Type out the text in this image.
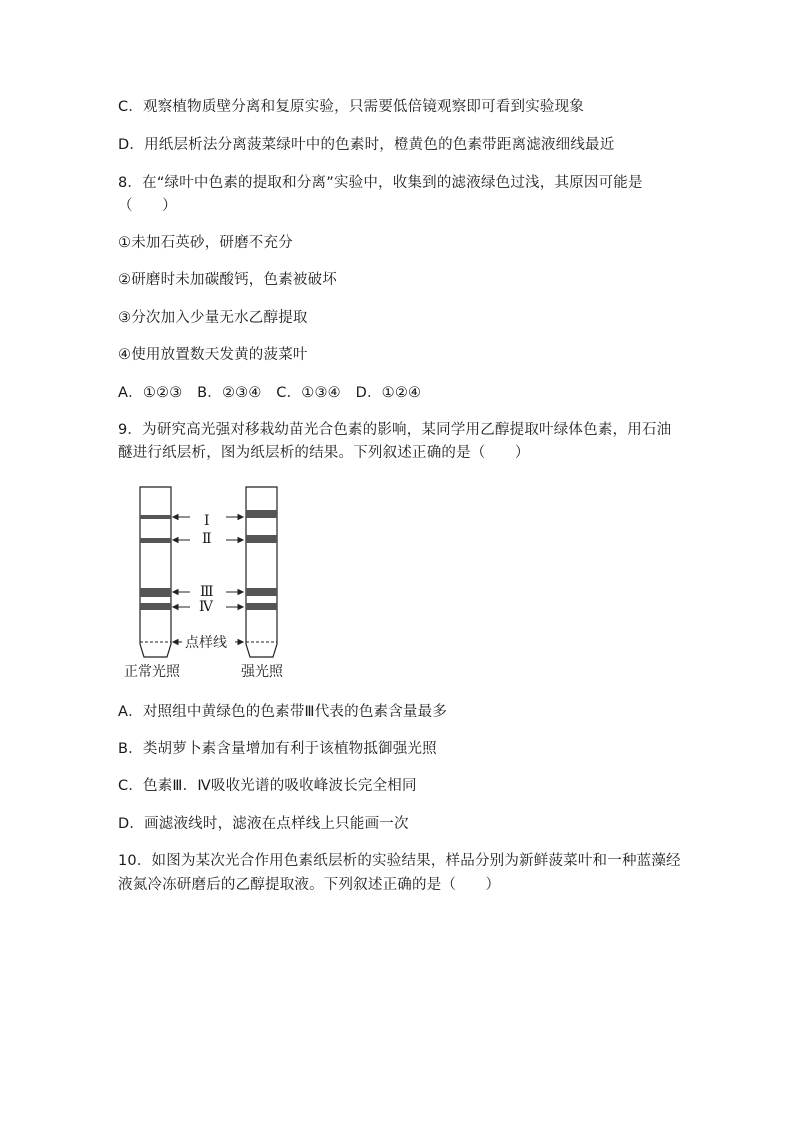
C．观察植物质壁分离和复原实验，只需要低倍镜观察即可看到实验现象
D．用纸层析法分离菠菜绿叶中的色素时，橙黄色的色素带距离滤液细线最近
8．在“绿叶中色素的提取和分离”实验中，收集到的滤液绿色过浅，其原因可能是
（　　）
①未加石英砂，研磨不充分
②研磨时未加碳酸钙，色素被破坏
③分次加入少量无水乙醇提取
④使用放置数天发黄的菠菜叶
A．①②③　B．②③④　C．①③④　D．①②④
9．为研究高光强对移栽幼苗光合色素的影响，某同学用乙醇提取叶绿体色素，用石油
醚进行纸层析，图为纸层析的结果。下列叙述正确的是（　　）
Ⅰ
Ⅱ
Ⅲ
Ⅳ
点样线
正常光照	强光照
A．对照组中黄绿色的色素带Ⅲ代表的色素含量最多
B．类胡萝卜素含量增加有利于该植物抵御强光照
C．色素Ⅲ．Ⅳ吸收光谱的吸收峰波长完全相同
D．画滤液线时，滤液在点样线上只能画一次
10．如图为某次光合作用色素纸层析的实验结果，样品分别为新鲜菠菜叶和一种蓝藻经
液氮冷冻研磨后的乙醇提取液。下列叙述正确的是（　　）
